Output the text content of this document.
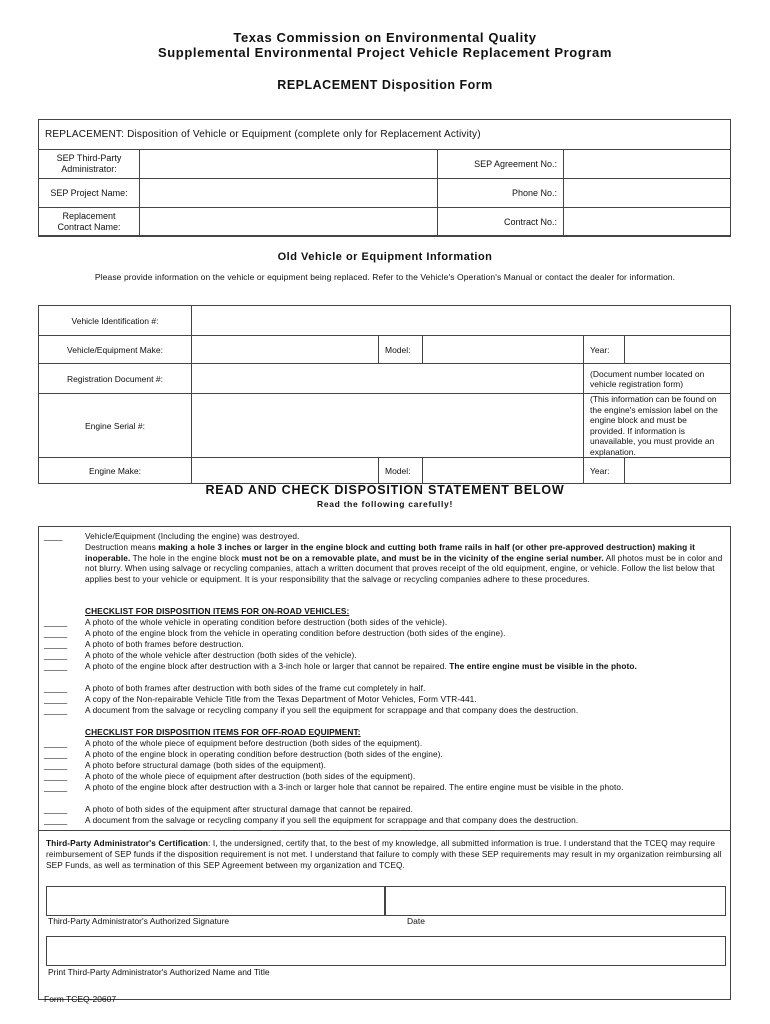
Texas Commission on Environmental Quality
Supplemental Environmental Project Vehicle Replacement Program
REPLACEMENT Disposition Form
REPLACEMENT: Disposition of Vehicle or Equipment (complete only for Replacement Activity)
SEP Third-Party
Administrator:		SEP Agreement No.:	
SEP Project Name:		Phone No.:	
Replacement
Contract Name:		Contract No.:	
Old Vehicle or Equipment Information
Please provide information on the vehicle or equipment being replaced. Refer to the Vehicle's Operation's Manual or contact the dealer for information.
Vehicle Identification #:					
Vehicle/Equipment Make:		Model:		Year:	
Registration Document #:				(Document number located on vehicle registration form)	
Engine Serial #:				(This information can be found on the engine's emission label on the engine block and must be provided. If information is unavailable, you must provide an explanation.	
Engine Make:		Model:		Year:	
READ AND CHECK DISPOSITION STATEMENT BELOW
Read the following carefully!
____	Vehicle/Equipment (Including the engine) was destroyed.
Destruction means making a hole 3 inches or larger in the engine block and cutting both frame rails in half (or other pre-approved destruction) making it inoperable. The hole in the engine block must not be on a removable plate, and must be in the vicinity of the engine serial number. All photos must be in color and not blurry. When using salvage or recycling companies, attach a written document that proves receipt of the old equipment, engine, or vehicle. Follow the list below that applies best to your vehicle or equipment. It is your responsibility that the salvage or recycling companies adhere to these procedures.
CHECKLIST FOR DISPOSITION ITEMS FOR ON-ROAD VEHICLES:
_____	A photo of the whole vehicle in operating condition before destruction (both sides of the vehicle).
_____	A photo of the engine block from the vehicle in operating condition before destruction (both sides of the engine).
_____	A photo of both frames before destruction.
_____	A photo of the whole vehicle after destruction (both sides of the vehicle).
_____	A photo of the engine block after destruction with a 3-inch hole or larger that cannot be repaired. The entire engine must be visible in the photo.
_____	A photo of both frames after destruction with both sides of the frame cut completely in half.
_____	A copy of the Non-repairable Vehicle Title from the Texas Department of Motor Vehicles, Form VTR-441.
_____	A document from the salvage or recycling company if you sell the equipment for scrappage and that company does the destruction.
CHECKLIST FOR DISPOSITION ITEMS FOR OFF-ROAD EQUIPMENT:
_____	A photo of the whole piece of equipment before destruction (both sides of the equipment).
_____	A photo of the engine block in operating condition before destruction (both sides of the engine).
_____	A photo before structural damage (both sides of the equipment).
_____	A photo of the whole piece of equipment after destruction (both sides of the equipment).
_____	A photo of the engine block after destruction with a 3-inch or larger hole that cannot be repaired. The entire engine must be visible in the photo.
_____	A photo of both sides of the equipment after structural damage that cannot be repaired.
_____	A document from the salvage or recycling company if you sell the equipment for scrappage and that company does the destruction.
Third-Party Administrator's Certification: I, the undersigned, certify that, to the best of my knowledge, all submitted information is true. I understand that the TCEQ may require reimbursement of SEP funds if the disposition requirement is not met. I understand that failure to comply with these SEP requirements may result in my organization reimbursing all SEP Funds, as well as termination of this SEP Agreement between my organization and TCEQ.
Third-Party Administrator's Authorized Signature	Date
Print Third-Party Administrator's Authorized Name and Title
Form TCEQ-20607
